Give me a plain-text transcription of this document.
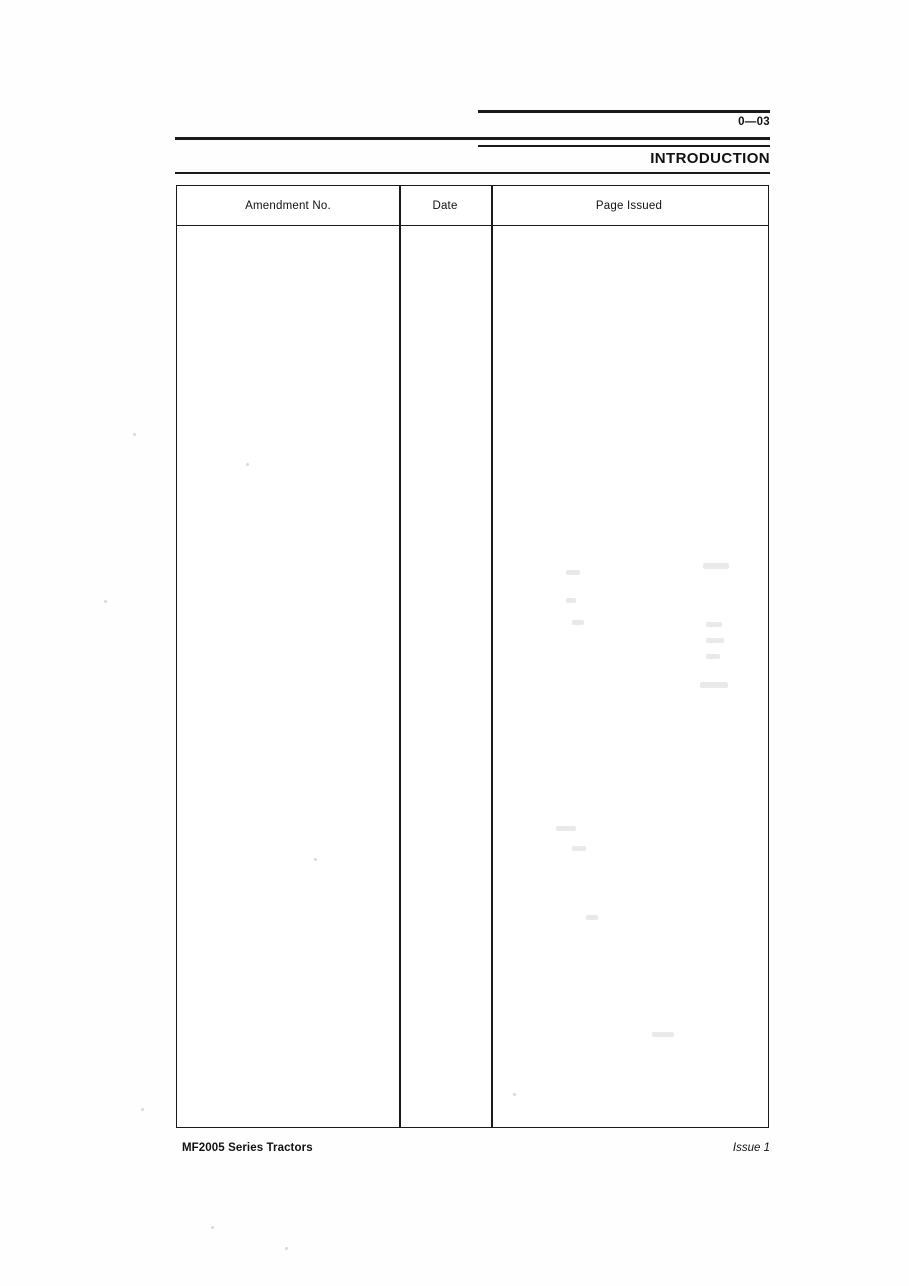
0—03
INTRODUCTION
Amendment No.	Date	Page Issued
MF2005 Series Tractors	Issue 1
